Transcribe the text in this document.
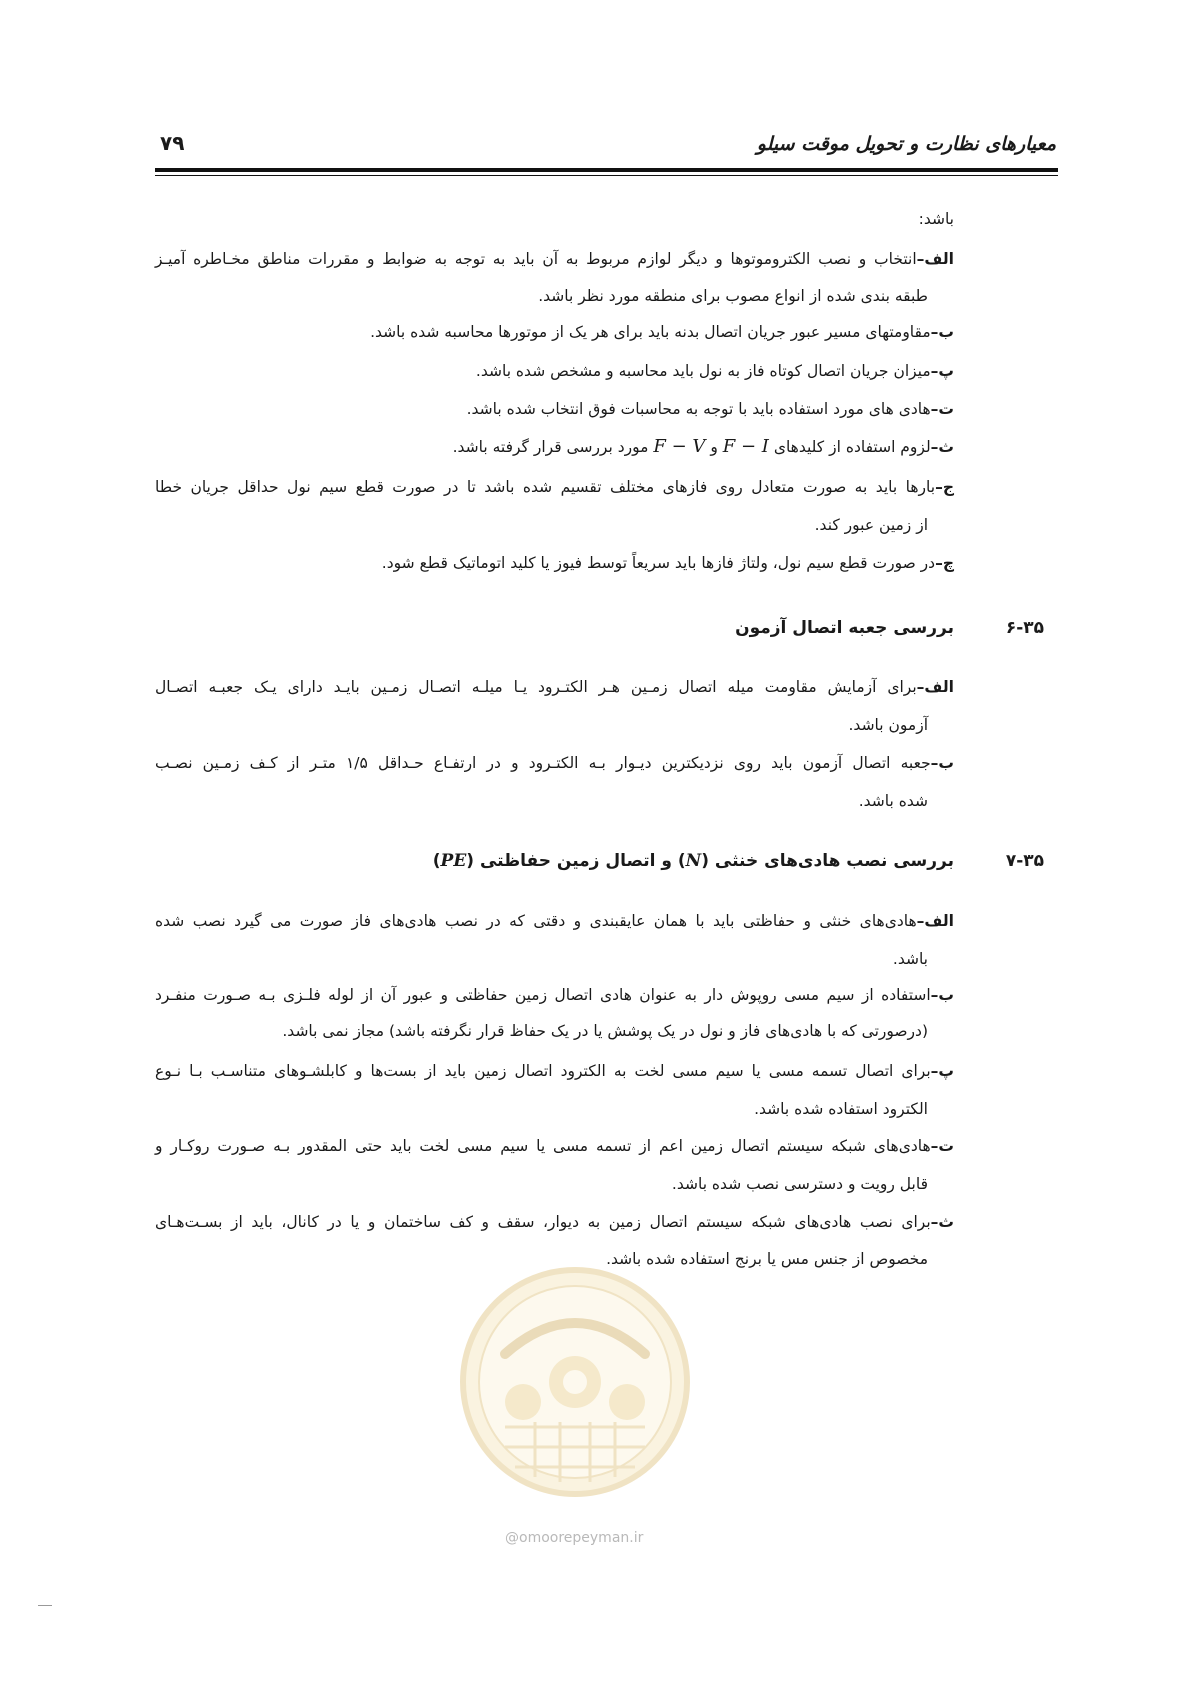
معیارهای نظارت و تحویل موقت سیلو
۷۹
باشد:
الف–انتخاب و نصب الکتروموتوها و دیگر لوازم مربوط به آن باید به توجه به ضوابط و مقررات مناطق مخـاطره آمیـز
طبقه بندی شده از انواع مصوب برای منطقه مورد نظر باشد.
ب–مقاومتهای مسیر عبور جریان اتصال بدنه باید برای هر یک از موتورها محاسبه شده باشد.
پ–میزان جریان اتصال کوتاه فاز به نول باید محاسبه و مشخص شده باشد.
ت–هادی های مورد استفاده باید با توجه به محاسبات فوق انتخاب شده باشد.
ث–لزوم استفاده از کلیدهای F − I و F − V مورد بررسی قرار گرفته باشد.
ج–بارها باید به صورت متعادل روی فازهای مختلف تقسیم شده باشد تا در صورت قطع سیم نول حداقل جریان خطا
از زمین عبور کند.
چ–در صورت قطع سیم نول، ولتاژ فازها باید سریعاً توسط فیوز یا کلید اتوماتیک قطع شود.
۶-۳۵
بررسی جعبه اتصال آزمون
الف–برای آزمایش مقاومت میله اتصال زمـین هـر الکتـرود یـا میلـه اتصـال زمـین بایـد دارای یـک جعبـه اتصـال
آزمون باشد.
ب–جعبه اتصال آزمون باید روی نزدیکترین دیـوار بـه الکتـرود و در ارتفـاع حـداقل ۱/۵ متـر از کـف زمـین نصـب
شده باشد.
۷-۳۵
بررسی نصب هادی‌های خنثی (N) و اتصال زمین حفاظتی (PE)
الف–هادی‌های خنثی و حفاظتی باید با همان عایقبندی و دقتی که در نصب هادی‌های فاز صورت می گیرد نصب شده
باشد.
ب–استفاده از سیم مسی روپوش دار به عنوان هادی اتصال زمین حفاظتی و عبور آن از لوله فلـزی بـه صـورت منفـرد
(درصورتی که با هادی‌های فاز و نول در یک پوشش یا در یک حفاظ قرار نگرفته باشد) مجاز نمی باشد.
پ–برای اتصال تسمه مسی یا سیم مسی لخت به الکترود اتصال زمین باید از بست‌ها و کابلشـوهای متناسـب بـا نـوع
الکترود استفاده شده باشد.
ت–هادی‌های شبکه سیستم اتصال زمین اعم از تسمه مسی یا سیم مسی لخت باید حتی المقدور بـه صـورت روکـار و
قابل رویت و دسترسی نصب شده باشد.
ث–برای نصب هادی‌های شبکه سیستم اتصال زمین به دیوار، سقف و کف ساختمان و یا در کانال، باید از بسـت‌هـای
مخصوص از جنس مس یا برنج استفاده شده باشد.
@omoorepeyman.ir
